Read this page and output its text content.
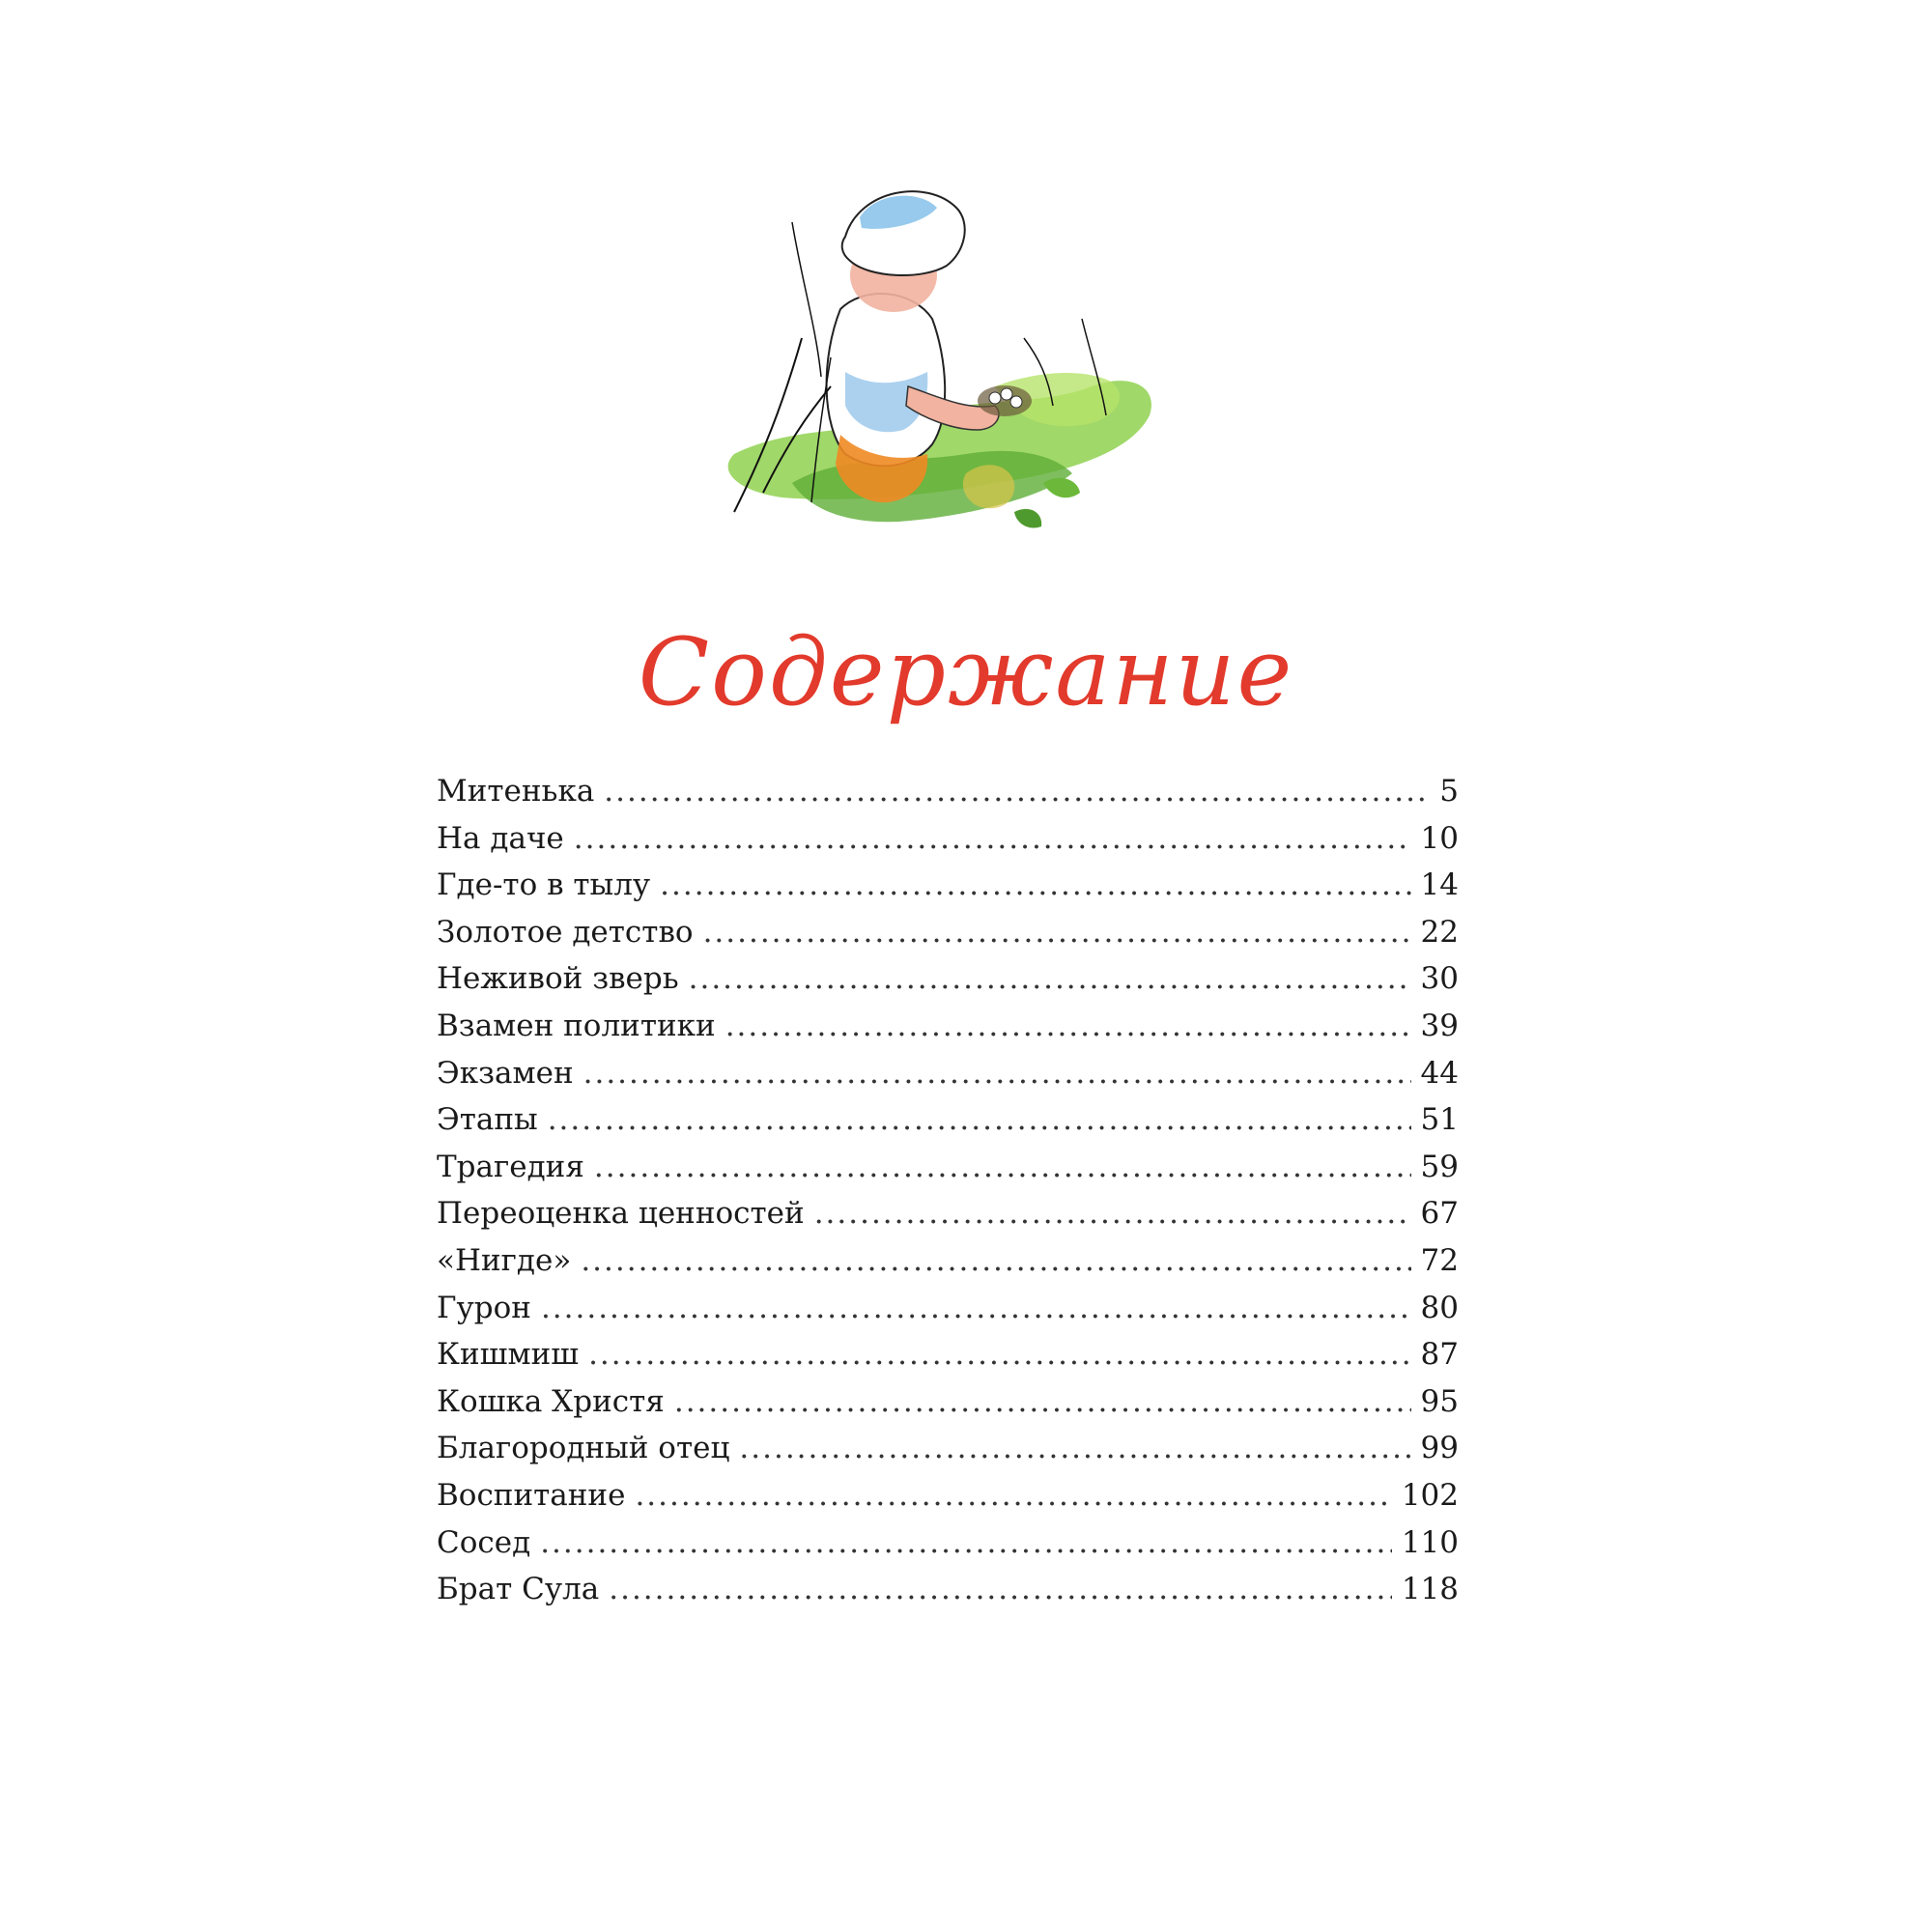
Содержание
Митенька .....	5
На даче .....	10
Где-то в тылу .....	14
Золотое детство .....	22
Неживой зверь .....	30
Взамен политики .....	39
Экзамен .....	44
Этапы .....	51
Трагедия .....	59
Переоценка ценностей .....	67
«Нигде» .....	72
Гурон .....	80
Кишмиш .....	87
Кошка Христя .....	95
Благородный отец .....	99
Воспитание .....	102
Сосед .....	110
Брат Сула .....	118
